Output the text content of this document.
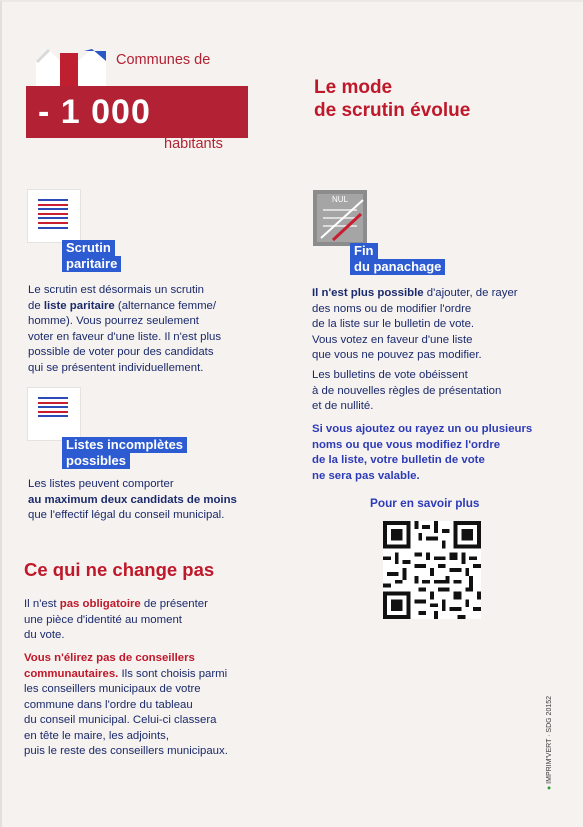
Communes de
- 1 000
habitants
Le mode
de scrutin évolue
Scrutin
paritaire
Le scrutin est désormais un scrutin
de liste paritaire (alternance femme/
homme). Vous pourrez seulement
voter en faveur d'une liste. Il n'est plus
possible de voter pour des candidats
qui se présentent individuellement.
Listes incomplètes
possibles
Les listes peuvent comporter
au maximum deux candidats de moins
que l'effectif légal du conseil municipal.
NUL
Fin
du panachage
Il n'est plus possible d'ajouter, de rayer
des noms ou de modifier l'ordre
de la liste sur le bulletin de vote.
Vous votez en faveur d'une liste
que vous ne pouvez pas modifier.
Les bulletins de vote obéissent
à de nouvelles règles de présentation
et de nullité.
Si vous ajoutez ou rayez un ou plusieurs
noms ou que vous modifiez l'ordre
de la liste, votre bulletin de vote
ne sera pas valable.
Pour en savoir plus
Ce qui ne change pas
Il n'est pas obligatoire de présenter
une pièce d'identité au moment
du vote.
Vous n'élirez pas de conseillers
communautaires. Ils sont choisis parmi
les conseillers municipaux de votre
commune dans l'ordre du tableau
du conseil municipal. Celui-ci classera
en tête le maire, les adjoints,
puis le reste des conseillers municipaux.
● IMPRIM'VERT · SDG 20152
